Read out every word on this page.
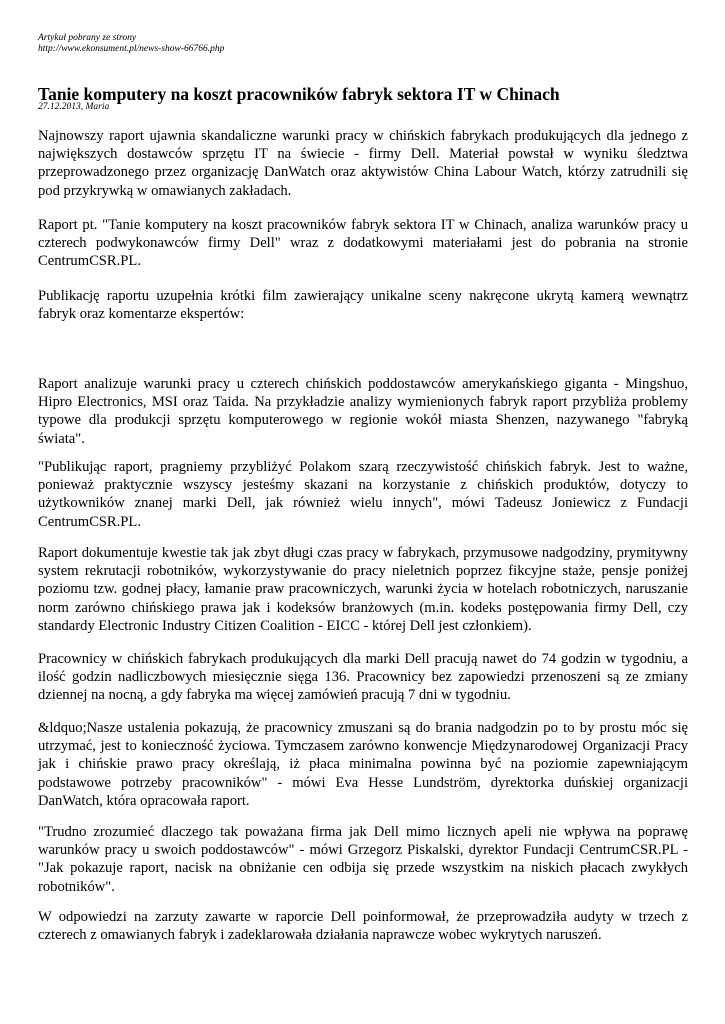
Artykuł pobrany ze strony
http://www.ekonsument.pl/news-show-66766.php
Tanie komputery na koszt pracowników fabryk sektora IT w Chinach
27.12.2013, Maria

Najnowszy raport ujawnia skandaliczne warunki pracy w chińskich fabrykach produkujących dla jednego z największych dostawców sprzętu IT na świecie - firmy Dell. Materiał powstał w wyniku śledztwa przeprowadzonego przez organizację DanWatch oraz aktywistów China Labour Watch, którzy zatrudnili się pod przykrywką w omawianych zakładach.

Raport pt. "Tanie komputery na koszt pracowników fabryk sektora IT w Chinach, analiza warunków pracy u czterech podwykonawców firmy Dell" wraz z dodatkowymi materiałami jest do pobrania na stronie CentrumCSR.PL.

Publikację raportu uzupełnia krótki film zawierający unikalne sceny nakręcone ukrytą kamerą wewnątrz fabryk oraz komentarze ekspertów:

Raport analizuje warunki pracy u czterech chińskich poddostawców amerykańskiego giganta - Mingshuo, Hipro Electronics, MSI oraz Taida. Na przykładzie analizy wymienionych fabryk raport przybliża problemy typowe dla produkcji sprzętu komputerowego w regionie wokół miasta Shenzen, nazywanego "fabryką świata".

"Publikując raport, pragniemy przybliżyć Polakom szarą rzeczywistość chińskich fabryk. Jest to ważne, ponieważ praktycznie wszyscy jesteśmy skazani na korzystanie z chińskich produktów, dotyczy to użytkowników znanej marki Dell, jak również wielu innych", mówi Tadeusz Joniewicz z Fundacji CentrumCSR.PL.

Raport dokumentuje kwestie tak jak zbyt długi czas pracy w fabrykach, przymusowe nadgodziny, prymitywny system rekrutacji robotników, wykorzystywanie do pracy nieletnich poprzez fikcyjne staże, pensje poniżej poziomu tzw. godnej płacy, łamanie praw pracowniczych, warunki życia w hotelach robotniczych, naruszanie norm zarówno chińskiego prawa jak i kodeksów branżowych (m.in. kodeks postępowania firmy Dell, czy standardy Electronic Industry Citizen Coalition - EICC - której Dell jest członkiem).

Pracownicy w chińskich fabrykach produkujących dla marki Dell pracują nawet do 74 godzin w tygodniu, a ilość godzin nadliczbowych miesięcznie sięga 136. Pracownicy bez zapowiedzi przenoszeni są ze zmiany dziennej na nocną, a gdy fabryka ma więcej zamówień pracują 7 dni w tygodniu.

&ldquo;Nasze ustalenia pokazują, że pracownicy zmuszani są do brania nadgodzin po to by prostu móc się utrzymać, jest to konieczność życiowa. Tymczasem zarówno konwencje Międzynarodowej Organizacji Pracy jak i chińskie prawo pracy określają, iż płaca minimalna powinna być na poziomie zapewniającym podstawowe potrzeby pracowników" - mówi Eva Hesse Lundström, dyrektorka duńskiej organizacji DanWatch, która opracowała raport.

"Trudno zrozumieć dlaczego tak poważana firma jak Dell mimo licznych apeli nie wpływa na poprawę warunków pracy u swoich poddostawców" - mówi Grzegorz Piskalski, dyrektor Fundacji CentrumCSR.PL - "Jak pokazuje raport, nacisk na obniżanie cen odbija się przede wszystkim na niskich płacach zwykłych robotników".

W odpowiedzi na zarzuty zawarte w raporcie Dell poinformował, że przeprowadziła audyty w trzech z czterech z omawianych fabryk i zadeklarowała działania naprawcze wobec wykrytych naruszeń.
